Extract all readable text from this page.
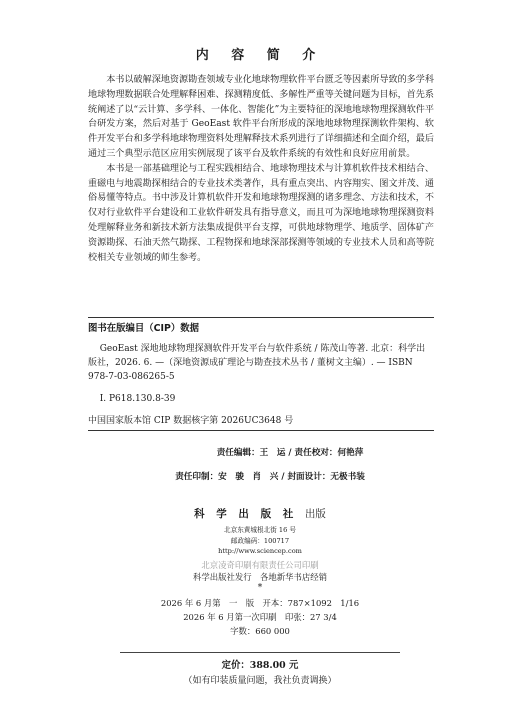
内 容 简 介

本书以破解深地资源勘查领域专业化地球物理软件平台匮乏等因素所导致的多学科地球物理数据联合处理解释困难、探测精度低、多解性严重等关键问题为目标，首先系统阐述了以“云计算、多学科、一体化、智能化”为主要特征的深地地球物理探测软件平台研发方案，然后对基于 GeoEast 软件平台所形成的深地地球物理探测软件架构、软件开发平台和多学科地球物理资料处理解释技术系列进行了详细描述和全面介绍，最后通过三个典型示范区应用实例展现了该平台及软件系统的有效性和良好应用前景。

本书是一部基础理论与工程实践相结合、地球物理技术与计算机软件技术相结合、重磁电与地震勘探相结合的专业技术类著作，具有重点突出、内容翔实、图文并茂、通俗易懂等特点。书中涉及计算机软件开发和地球物理探测的诸多理念、方法和技术，不仅对行业软件平台建设和工业软件研发具有指导意义，而且可为深地地球物理探测资料处理解释业务和新技术新方法集成提供平台支撑，可供地球物理学、地质学、固体矿产资源勘探、石油天然气勘探、工程物探和地球深部探测等领域的专业技术人员和高等院校相关专业领域的师生参考。

图书在版编目（CIP）数据

GeoEast 深地地球物理探测软件开发平台与软件系统 / 陈茂山等著. 北京：科学出版社，2026. 6. —（深地资源成矿理论与勘查技术丛书 / 董树文主编）. — ISBN 978-7-03-086265-5

Ⅰ. P618.130.8-39

中国国家版本馆 CIP 数据核字第 2026UC3648 号

责任编辑：王　运 / 责任校对：何艳萍

责任印制：安　骏　肖　兴 / 封面设计：无极书装

科 学 出 版 社 出版

北京东黄城根北街 16 号

邮政编码：100717

http://www.sciencep.com

北京凌奇印刷有限责任公司印刷

科学出版社发行　各地新华书店经销

*

2026 年 6 月第　一　版　开本：787×1092　1/16

2026 年 6 月第一次印刷　印张：27 3/4

字数：660 000

定价：388.00 元

（如有印装质量问题，我社负责调换）
